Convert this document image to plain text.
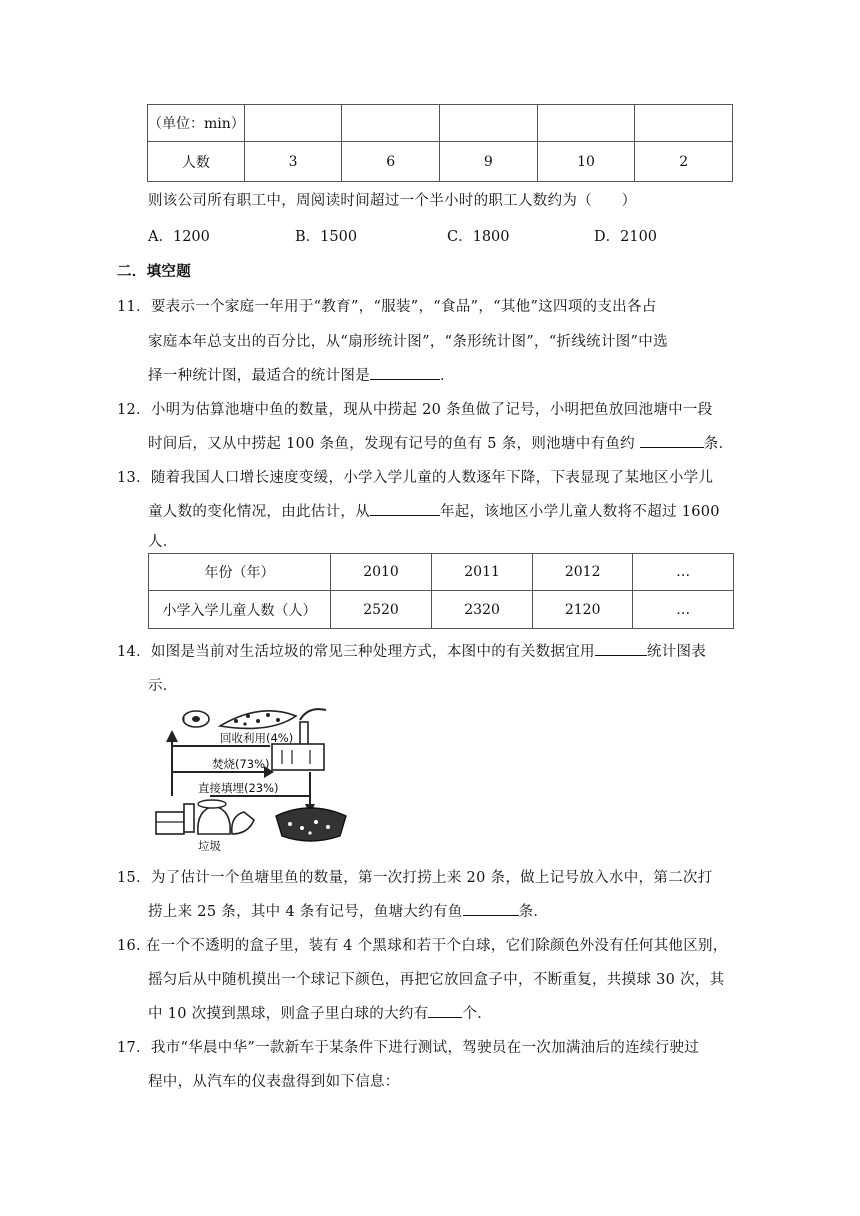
（单位：min）					
人数	3	6	9	10	2
则该公司所有职工中，周阅读时间超过一个半小时的职工人数约为（　　）
A．1200	B．1500	C．1800	D．2100
二．填空题
11．要表示一个家庭一年用于“教育”，“服装”，“食品”，“其他”这四项的支出各占
家庭本年总支出的百分比，从“扇形统计图”，“条形统计图”，“折线统计图”中选
择一种统计图，最适合的统计图是	．
12．小明为估算池塘中鱼的数量，现从中捞起 20 条鱼做了记号，小明把鱼放回池塘中一段
时间后，又从中捞起 100 条鱼，发现有记号的鱼有 5 条，则池塘中有鱼约	条．
13．随着我国人口增长速度变缓，小学入学儿童的人数逐年下降，下表显现了某地区小学儿
童人数的变化情况，由此估计，从	年起，该地区小学儿童人数将不超过 1600
人．
年份（年）	2010	2011	2012	…
小学入学儿童人数（人）	2520	2320	2120	…
14．如图是当前对生活垃圾的常见三种处理方式，本图中的有关数据宜用	统计图表
示．
回收利用(4%)
焚烧(73%)
直接填埋(23%)
垃圾
15．为了估计一个鱼塘里鱼的数量，第一次打捞上来 20 条，做上记号放入水中，第二次打
捞上来 25 条，其中 4 条有记号，鱼塘大约有鱼	条．
16. 在一个不透明的盒子里，装有 4 个黑球和若干个白球，它们除颜色外没有任何其他区别，
摇匀后从中随机摸出一个球记下颜色，再把它放回盒子中，不断重复，共摸球 30 次，其
中 10 次摸到黑球，则盒子里白球的大约有 个．
17．我市“华晨中华”一款新车于某条件下进行测试，驾驶员在一次加满油后的连续行驶过
程中，从汽车的仪表盘得到如下信息：
